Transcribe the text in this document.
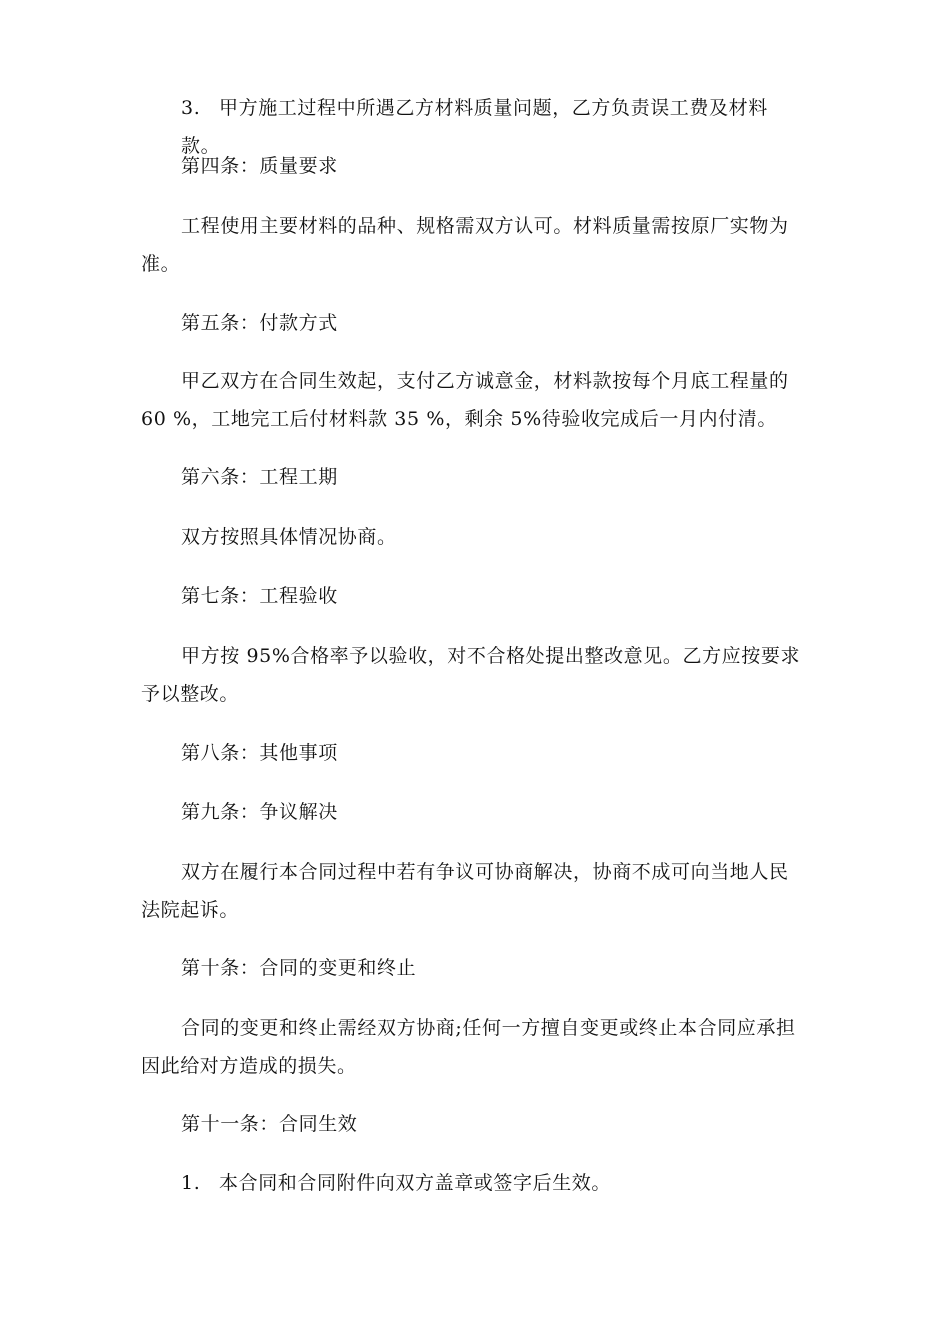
3. 甲方施工过程中所遇乙方材料质量问题，乙方负责误工费及材料款。

第四条：质量要求

工程使用主要材料的品种、规格需双方认可。材料质量需按原厂实物为准。

第五条：付款方式

甲乙双方在合同生效起，支付乙方诚意金，材料款按每个月底工程量的60 %，工地完工后付材料款 35 %，剩余 5%待验收完成后一月内付清。

第六条：工程工期

双方按照具体情况协商。

第七条：工程验收

甲方按 95%合格率予以验收，对不合格处提出整改意见。乙方应按要求予以整改。

第八条：其他事项

第九条：争议解决

双方在履行本合同过程中若有争议可协商解决，协商不成可向当地人民法院起诉。

第十条：合同的变更和终止

合同的变更和终止需经双方协商;任何一方擅自变更或终止本合同应承担因此给对方造成的损失。

第十一条：合同生效

1. 本合同和合同附件向双方盖章或签字后生效。
